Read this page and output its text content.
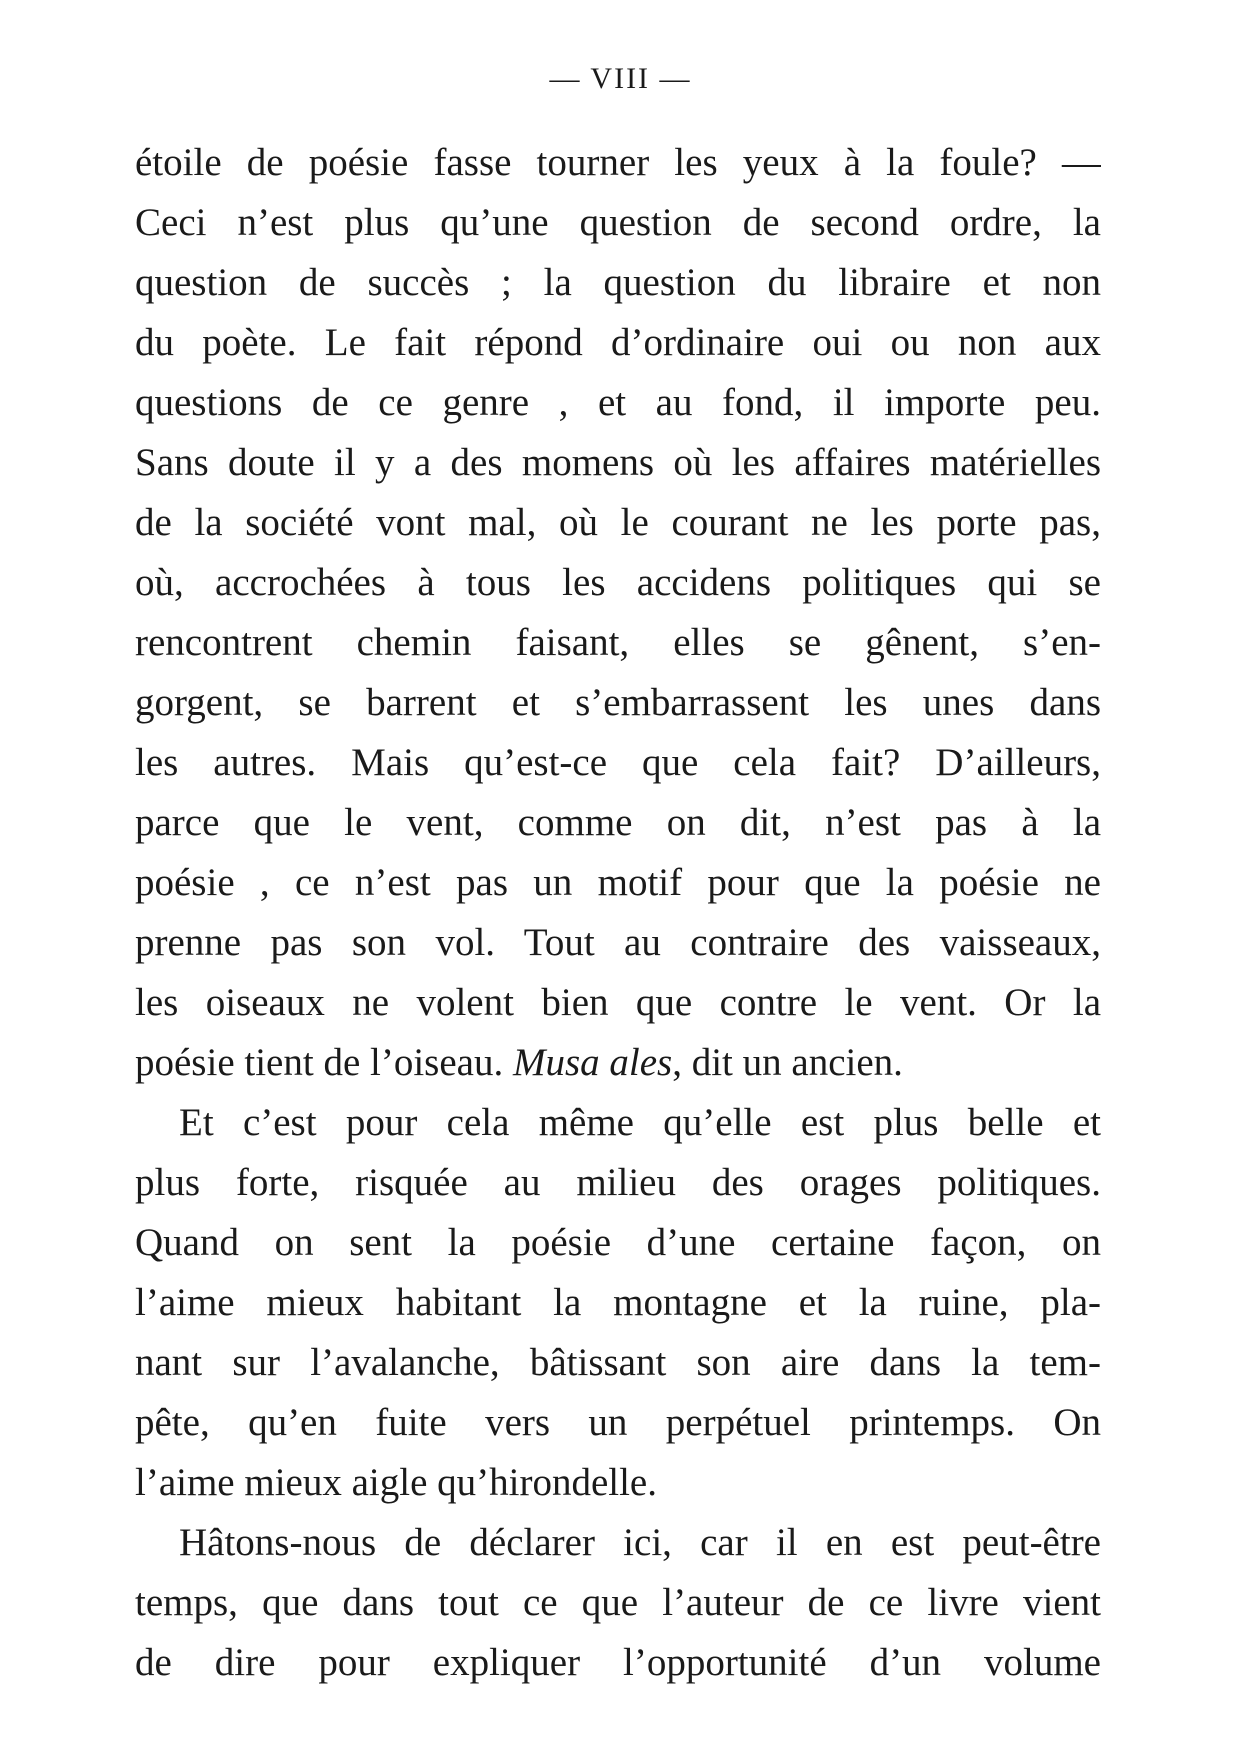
— VIII —
étoile de poésie fasse tourner les yeux à la foule? —
Ceci n’est plus qu’une question de second ordre, la
question de succès ; la question du libraire et non
du poète. Le fait répond d’ordinaire oui ou non aux
questions de ce genre , et au fond, il importe peu.
Sans doute il y a des momens où les affaires matérielles
de la société vont mal, où le courant ne les porte pas,
où, accrochées à tous les accidens politiques qui se
rencontrent chemin faisant, elles se gênent, s’en-
gorgent, se barrent et s’embarrassent les unes dans
les autres. Mais qu’est-ce que cela fait? D’ailleurs,
parce que le vent, comme on dit, n’est pas à la
poésie , ce n’est pas un motif pour que la poésie ne
prenne pas son vol. Tout au contraire des vaisseaux,
les oiseaux ne volent bien que contre le vent. Or la
poésie tient de l’oiseau. Musa ales, dit un ancien.
Et c’est pour cela même qu’elle est plus belle et
plus forte, risquée au milieu des orages politiques.
Quand on sent la poésie d’une certaine façon, on
l’aime mieux habitant la montagne et la ruine, pla-
nant sur l’avalanche, bâtissant son aire dans la tem-
pête, qu’en fuite vers un perpétuel printemps. On
l’aime mieux aigle qu’hirondelle.
Hâtons-nous de déclarer ici, car il en est peut-être
temps, que dans tout ce que l’auteur de ce livre vient
de dire pour expliquer l’opportunité d’un volume
